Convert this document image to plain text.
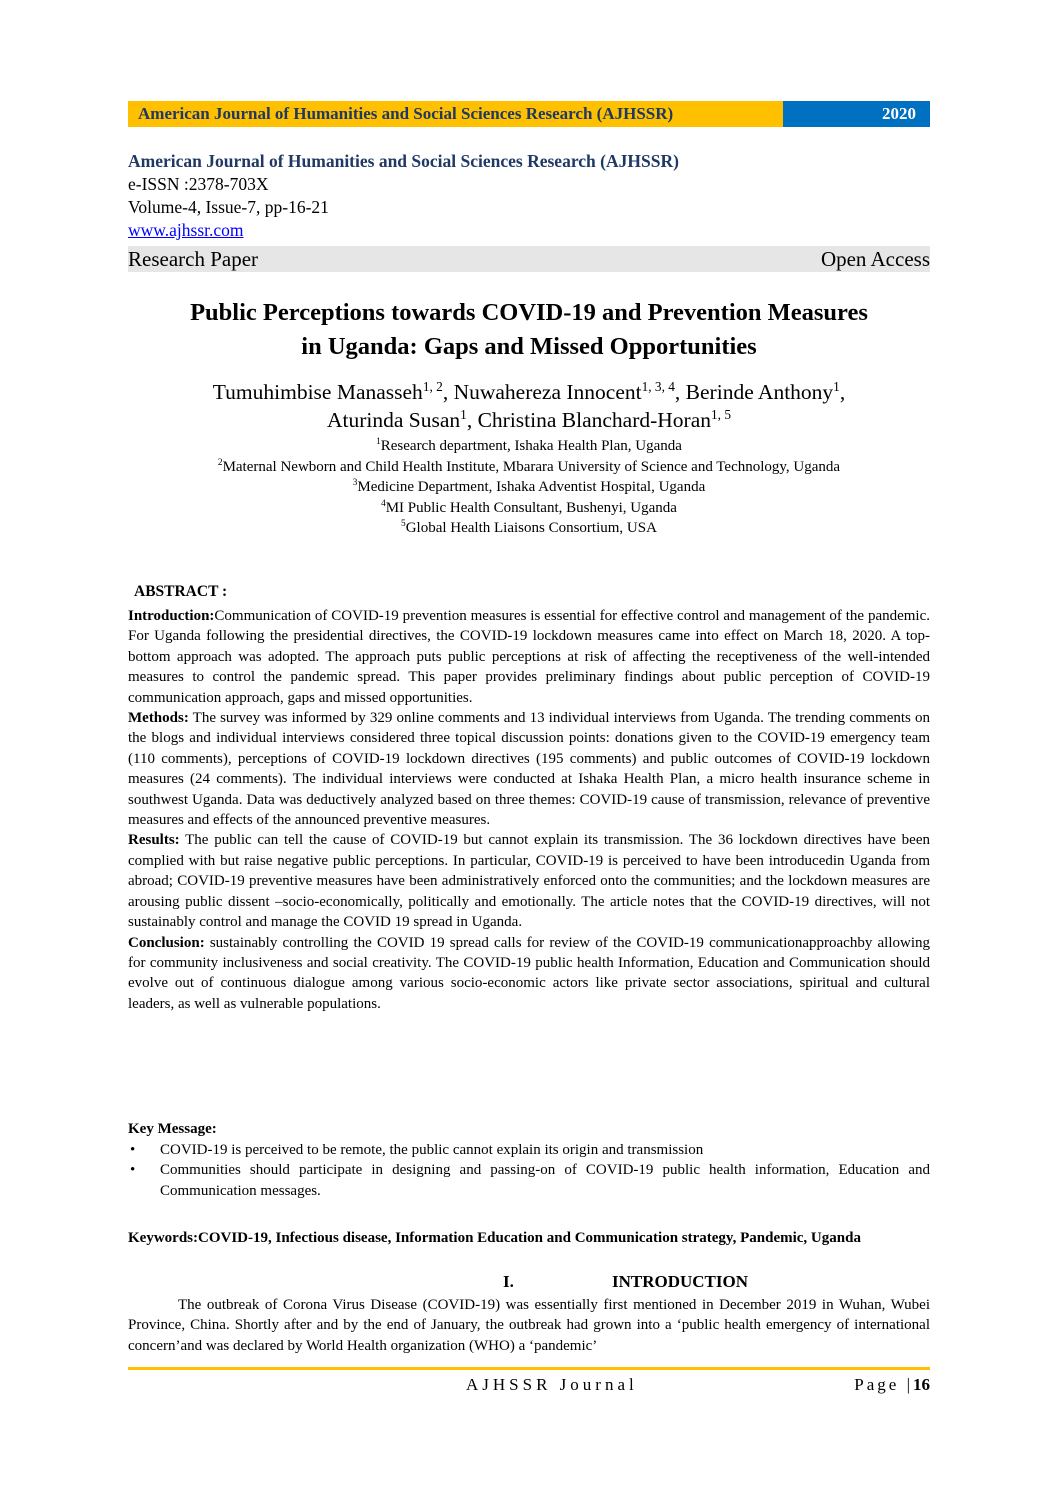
American Journal of Humanities and Social Sciences Research (AJHSSR)	2020
American Journal of Humanities and Social Sciences Research (AJHSSR)
e-ISSN :2378-703X
Volume-4, Issue-7, pp-16-21
www.ajhssr.com
Research Paper	Open Access
Public Perceptions towards COVID-19 and Prevention Measures
in Uganda: Gaps and Missed Opportunities
Tumuhimbise Manasseh$^{1, 2}$, Nuwahereza Innocent$^{1, 3, 4}$, Berinde Anthony$^1$,
Aturinda Susan$^1$, Christina Blanchard-Horan$^{1, 5}$
$^1$Research department, Ishaka Health Plan, Uganda
$^2$Maternal Newborn and Child Health Institute, Mbarara University of Science and Technology, Uganda
$^3$Medicine Department, Ishaka Adventist Hospital, Uganda
$^4$MI Public Health Consultant, Bushenyi, Uganda
$^5$Global Health Liaisons Consortium, USA
ABSTRACT :
Introduction:Communication of COVID-19 prevention measures is essential for effective control and management of the pandemic. For Uganda following the presidential directives, the COVID-19 lockdown measures came into effect on March 18, 2020. A top-bottom approach was adopted. The approach puts public perceptions at risk of affecting the receptiveness of the well-intended measures to control the pandemic spread. This paper provides preliminary findings about public perception of COVID-19 communication approach, gaps and missed opportunities.
Methods: The survey was informed by 329 online comments and 13 individual interviews from Uganda. The trending comments on the blogs and individual interviews considered three topical discussion points: donations given to the COVID-19 emergency team (110 comments), perceptions of COVID-19 lockdown directives (195 comments) and public outcomes of COVID-19 lockdown measures (24 comments). The individual interviews were conducted at Ishaka Health Plan, a micro health insurance scheme in southwest Uganda. Data was deductively analyzed based on three themes: COVID-19 cause of transmission, relevance of preventive measures and effects of the announced preventive measures.
Results: The public can tell the cause of COVID-19 but cannot explain its transmission. The 36 lockdown directives have been complied with but raise negative public perceptions. In particular, COVID-19 is perceived to have been introducedin Uganda from abroad; COVID-19 preventive measures have been administratively enforced onto the communities; and the lockdown measures are arousing public dissent –socio-economically, politically and emotionally. The article notes that the COVID-19 directives, will not sustainably control and manage the COVID 19 spread in Uganda.
Conclusion: sustainably controlling the COVID 19 spread calls for review of the COVID-19 communicationapproachby allowing for community inclusiveness and social creativity. The COVID-19 public health Information, Education and Communication should evolve out of continuous dialogue among various socio-economic actors like private sector associations, spiritual and cultural leaders, as well as vulnerable populations.
Key Message:
•	COVID-19 is perceived to be remote, the public cannot explain its origin and transmission
•	Communities should participate in designing and passing-on of COVID-19 public health information, Education and Communication messages.
Keywords:COVID-19, Infectious disease, Information Education and Communication strategy, Pandemic, Uganda
I.	INTRODUCTION
The outbreak of Corona Virus Disease (COVID-19) was essentially first mentioned in December 2019 in Wuhan, Wubei Province, China. Shortly after and by the end of January, the outbreak had grown into a ‘public health emergency of international concern’and was declared by World Health organization (WHO) a ‘pandemic’
AJHSSR Journal	Page |16
